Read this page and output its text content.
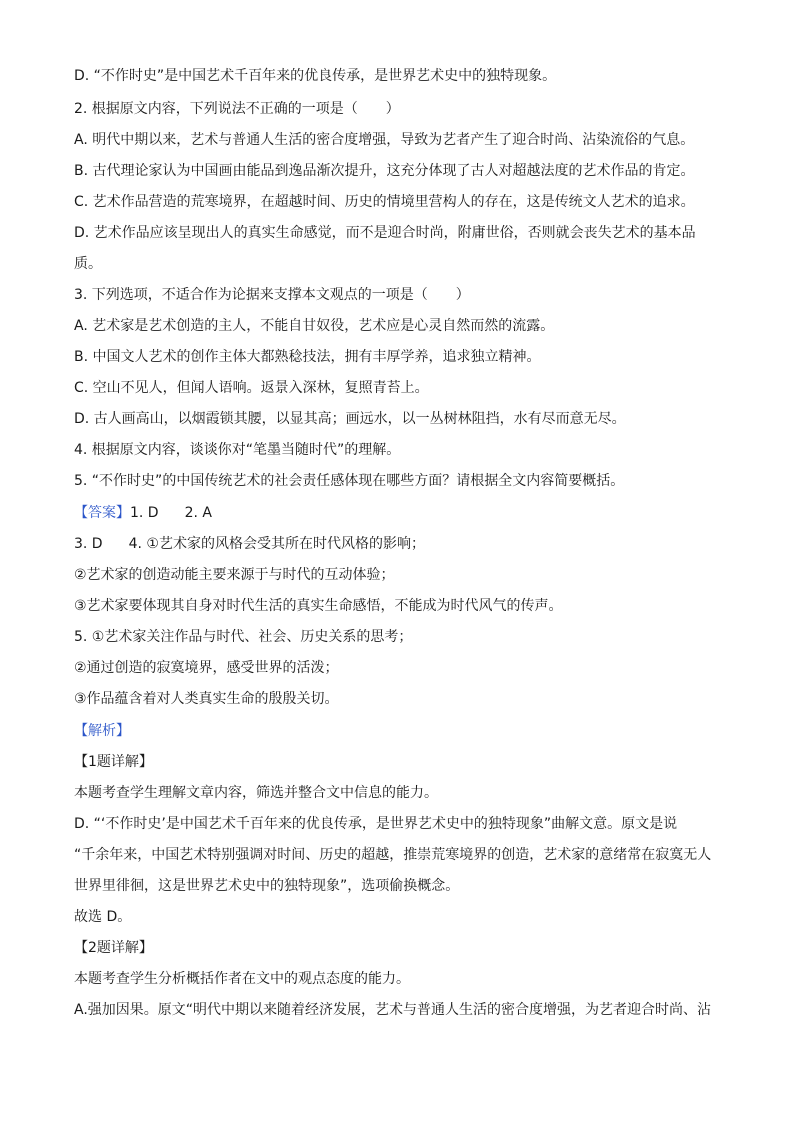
D. “不作时史”是中国艺术千百年来的优良传承，是世界艺术史中的独特现象。
2. 根据原文内容，下列说法不正确的一项是（　　）
A. 明代中期以来，艺术与普通人生活的密合度增强，导致为艺者产生了迎合时尚、沾染流俗的气息。
B. 古代理论家认为中国画由能品到逸品渐次提升，这充分体现了古人对超越法度的艺术作品的肯定。
C. 艺术作品营造的荒寒境界，在超越时间、历史的情境里营构人的存在，这是传统文人艺术的追求。
D. 艺术作品应该呈现出人的真实生命感觉，而不是迎合时尚，附庸世俗，否则就会丧失艺术的基本品
质。
3. 下列选项，不适合作为论据来支撑本文观点的一项是（　　）
A. 艺术家是艺术创造的主人，不能自甘奴役，艺术应是心灵自然而然的流露。
B. 中国文人艺术的创作主体大都熟稔技法，拥有丰厚学养，追求独立精神。
C. 空山不见人，但闻人语响。返景入深林，复照青苔上。
D. 古人画高山，以烟霞锁其腰，以显其高；画远水，以一丛树林阻挡，水有尽而意无尽。
4. 根据原文内容，谈谈你对“笔墨当随时代”的理解。
5. “不作时史”的中国传统艺术的社会责任感体现在哪些方面？请根据全文内容简要概括。
【答案】1. D 2. A
3. D 4. ①艺术家的风格会受其所在时代风格的影响；
②艺术家的创造动能主要来源于与时代的互动体验；
③艺术家要体现其自身对时代生活的真实生命感悟，不能成为时代风气的传声。
5. ①艺术家关注作品与时代、社会、历史关系的思考；
②通过创造的寂寞境界，感受世界的活泼；
③作品蕴含着对人类真实生命的殷殷关切。
【解析】
【1题详解】
本题考查学生理解文章内容，筛选并整合文中信息的能力。
D. “‘不作时史’是中国艺术千百年来的优良传承，是世界艺术史中的独特现象”曲解文意。原文是说
“千余年来，中国艺术特别强调对时间、历史的超越，推崇荒寒境界的创造，艺术家的意绪常在寂寞无人
世界里徘徊，这是世界艺术史中的独特现象”，选项偷换概念。
故选 D。
【2题详解】
本题考查学生分析概括作者在文中的观点态度的能力。
A.强加因果。原文“明代中期以来随着经济发展，艺术与普通人生活的密合度增强，为艺者迎合时尚、沾
